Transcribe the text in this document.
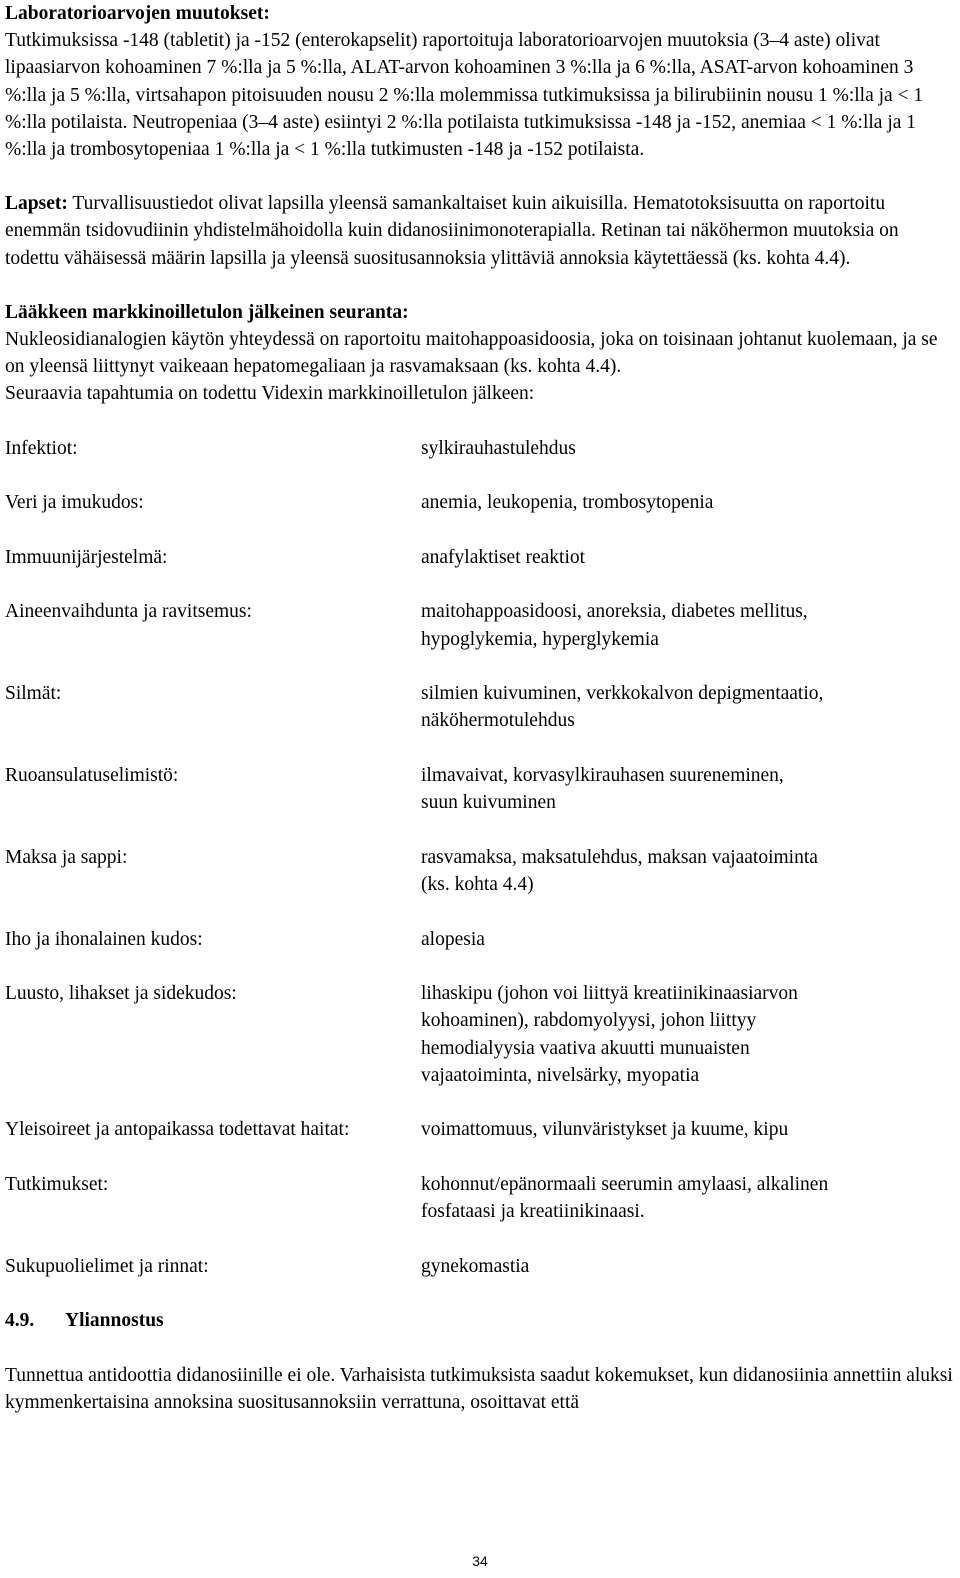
Laboratorioarvojen muutokset:

Tutkimuksissa -148 (tabletit) ja -152 (enterokapselit) raportoituja laboratorioarvojen muutoksia (3–4 aste) olivat lipaasiarvon kohoaminen 7 %:lla ja 5 %:lla, ALAT-arvon kohoaminen 3 %:lla ja 6 %:lla, ASAT-arvon kohoaminen 3 %:lla ja 5 %:lla, virtsahapon pitoisuuden nousu 2 %:lla molemmissa tutkimuksissa ja bilirubiinin nousu 1 %:lla ja < 1 %:lla potilaista. Neutropeniaa (3–4 aste) esiintyi 2 %:lla potilaista tutkimuksissa -148 ja -152, anemiaa < 1 %:lla ja 1 %:lla ja trombosytopeniaa 1 %:lla ja < 1 %:lla tutkimusten -148 ja -152 potilaista.

Lapset: Turvallisuustiedot olivat lapsilla yleensä samankaltaiset kuin aikuisilla. Hematotoksisuutta on raportoitu enemmän tsidovudiinin yhdistelmähoidolla kuin didanosiinimonoterapialla. Retinan tai näköhermon muutoksia on todettu vähäisessä määrin lapsilla ja yleensä suositusannoksia ylittäviä annoksia käytettäessä (ks. kohta 4.4).

Lääkkeen markkinoilletulon jälkeinen seuranta:

Nukleosidianalogien käytön yhteydessä on raportoitu maitohappoasidoosia, joka on toisinaan johtanut kuolemaan, ja se on yleensä liittynyt vaikeaan hepatomegaliaan ja rasvamaksaan (ks. kohta 4.4).

Seuraavia tapahtumia on todettu Videxin markkinoilletulon jälkeen:

Infektiot:	sylkirauhastulehdus
Veri ja imukudos:	anemia, leukopenia, trombosytopenia
Immuunijärjestelmä:	anafylaktiset reaktiot
Aineenvaihdunta ja ravitsemus:	maitohappoasidoosi, anoreksia, diabetes mellitus,
hypoglykemia, hyperglykemia
Silmät:	silmien kuivuminen, verkkokalvon depigmentaatio,
näköhermotulehdus
Ruoansulatuselimistö:	ilmavaivat, korvasylkirauhasen suureneminen,
suun kuivuminen
Maksa ja sappi:	rasvamaksa, maksatulehdus, maksan vajaatoiminta
(ks. kohta 4.4)
Iho ja ihonalainen kudos:	alopesia
Luusto, lihakset ja sidekudos:	lihaskipu (johon voi liittyä kreatiinikinaasiarvon
kohoaminen), rabdomyolyysi, johon liittyy
hemodialyysia vaativa akuutti munuaisten
vajaatoiminta, nivelsärky, myopatia
Yleisoireet ja antopaikassa todettavat haitat:	voimattomuus, vilunväristykset ja kuume, kipu
Tutkimukset:	kohonnut/epänormaali seerumin amylaasi, alkalinen
fosfataasi ja kreatiinikinaasi.
Sukupuolielimet ja rinnat:	gynekomastia
4.9.	Yliannostus

Tunnettua antidoottia didanosiinille ei ole. Varhaisista tutkimuksista saadut kokemukset, kun didanosiinia annettiin aluksi kymmenkertaisina annoksina suositusannoksiin verrattuna, osoittavat että

34
